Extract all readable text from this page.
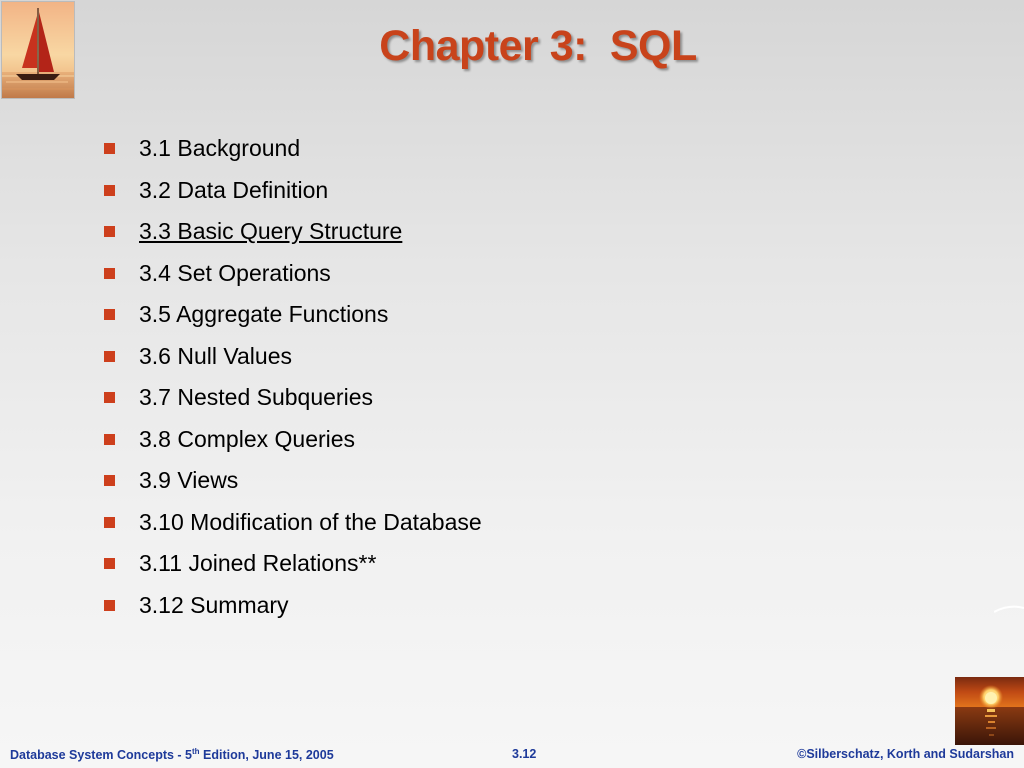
Chapter 3:  SQL
3.1 Background
3.2 Data Definition
3.3 Basic Query Structure
3.4 Set Operations
3.5 Aggregate Functions
3.6 Null Values
3.7 Nested Subqueries
3.8 Complex Queries
3.9 Views
3.10 Modification of the Database
3.11 Joined Relations**
3.12 Summary
Database System Concepts - 5th Edition, June 15, 2005	3.12	©Silberschatz, Korth and Sudarshan
